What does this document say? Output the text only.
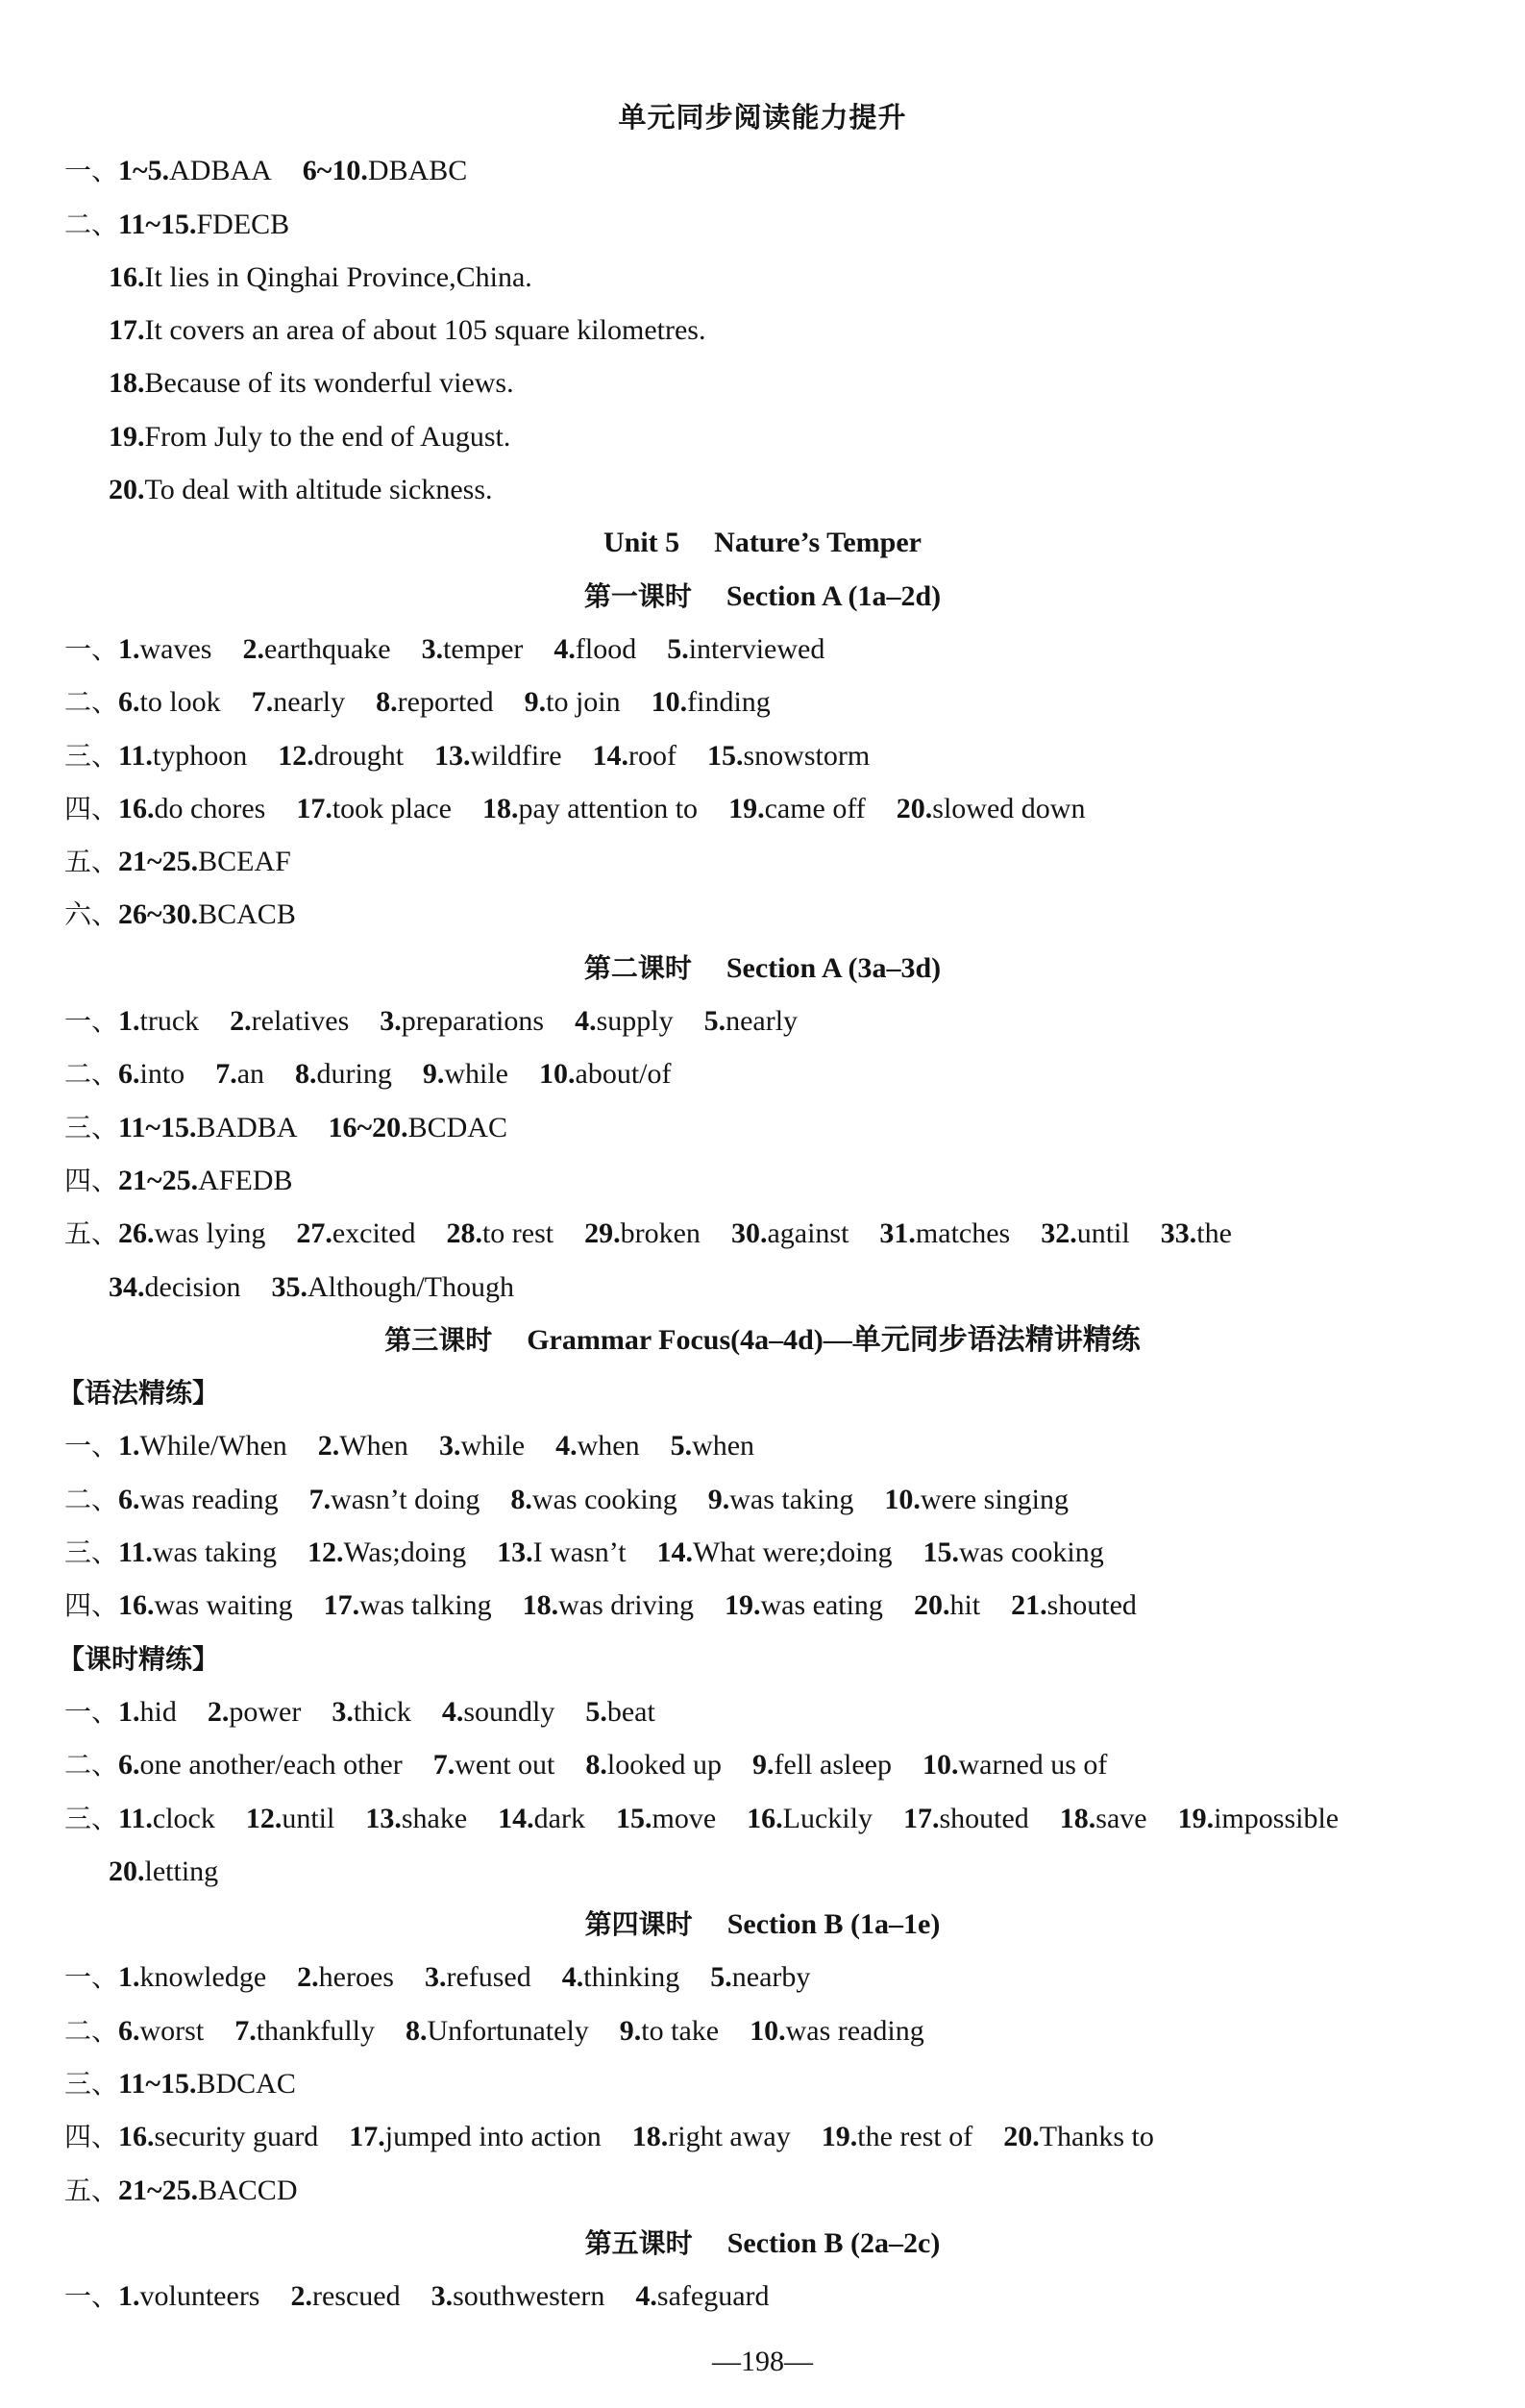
单元同步阅读能力提升
一、1~5.ADBAA 6~10.DBABC
二、11~15.FDECB
16.It lies in Qinghai Province,China.
17.It covers an area of about 105 square kilometres.
18.Because of its wonderful views.
19.From July to the end of August.
20.To deal with altitude sickness.
Unit 5 Nature’s Temper
第一课时 Section A (1a–2d)
一、1.waves 2.earthquake 3.temper 4.flood 5.interviewed
二、6.to look 7.nearly 8.reported 9.to join 10.finding
三、11.typhoon 12.drought 13.wildfire 14.roof 15.snowstorm
四、16.do chores 17.took place 18.pay attention to 19.came off 20.slowed down
五、21~25.BCEAF
六、26~30.BCACB
第二课时 Section A (3a–3d)
一、1.truck 2.relatives 3.preparations 4.supply 5.nearly
二、6.into 7.an 8.during 9.while 10.about/of
三、11~15.BADBA 16~20.BCDAC
四、21~25.AFEDB
五、26.was lying 27.excited 28.to rest 29.broken 30.against 31.matches 32.until 33.the
34.decision 35.Although/Though
第三课时 Grammar Focus(4a–4d)—单元同步语法精讲精练
【语法精练】
一、1.While/When 2.When 3.while 4.when 5.when
二、6.was reading 7.wasn’t doing 8.was cooking 9.was taking 10.were singing
三、11.was taking 12.Was;doing 13.I wasn’t 14.What were;doing 15.was cooking
四、16.was waiting 17.was talking 18.was driving 19.was eating 20.hit 21.shouted
【课时精练】
一、1.hid 2.power 3.thick 4.soundly 5.beat
二、6.one another/each other 7.went out 8.looked up 9.fell asleep 10.warned us of
三、11.clock 12.until 13.shake 14.dark 15.move 16.Luckily 17.shouted 18.save 19.impossible
20.letting
第四课时 Section B (1a–1e)
一、1.knowledge 2.heroes 3.refused 4.thinking 5.nearby
二、6.worst 7.thankfully 8.Unfortunately 9.to take 10.was reading
三、11~15.BDCAC
四、16.security guard 17.jumped into action 18.right away 19.the rest of 20.Thanks to
五、21~25.BACCD
第五课时 Section B (2a–2c)
一、1.volunteers 2.rescued 3.southwestern 4.safeguard
—198—
